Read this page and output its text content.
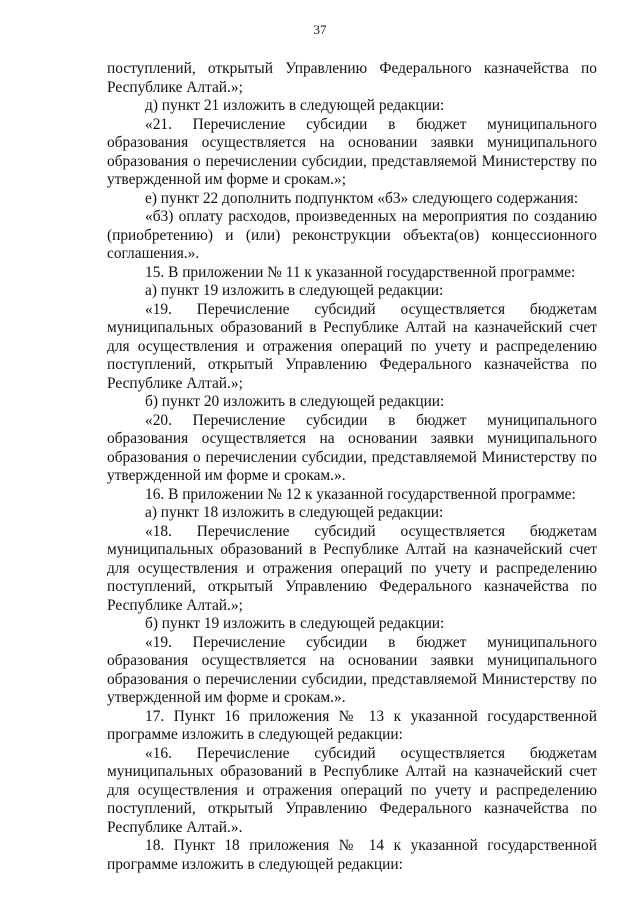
37

поступлений, открытый Управлению Федерального казначейства по Республике Алтай.»;

д) пункт 21 изложить в следующей редакции:

«21. Перечисление субсидии в бюджет муниципального образования осуществляется на основании заявки муниципального образования о перечислении субсидии, представляемой Министерству по утвержденной им форме и срокам.»;

е) пункт 22 дополнить подпунктом «б3» следующего содержания:

«б3) оплату расходов, произведенных на мероприятия по созданию (приобретению) и (или) реконструкции объекта(ов) концессионного соглашения.».

15. В приложении № 11 к указанной государственной программе:

а) пункт 19 изложить в следующей редакции:

«19. Перечисление субсидий осуществляется бюджетам муниципальных образований в Республике Алтай на казначейский счет для осуществления и отражения операций по учету и распределению поступлений, открытый Управлению Федерального казначейства по Республике Алтай.»;

б) пункт 20 изложить в следующей редакции:

«20. Перечисление субсидии в бюджет муниципального образования осуществляется на основании заявки муниципального образования о перечислении субсидии, представляемой Министерству по утвержденной им форме и срокам.».

16. В приложении № 12 к указанной государственной программе:

а) пункт 18 изложить в следующей редакции:

«18. Перечисление субсидий осуществляется бюджетам муниципальных образований в Республике Алтай на казначейский счет для осуществления и отражения операций по учету и распределению поступлений, открытый Управлению Федерального казначейства по Республике Алтай.»;

б) пункт 19 изложить в следующей редакции:

«19. Перечисление субсидии в бюджет муниципального образования осуществляется на основании заявки муниципального образования о перечислении субсидии, представляемой Министерству по утвержденной им форме и срокам.».

17. Пункт 16 приложения № 13 к указанной государственной программе изложить в следующей редакции:

«16. Перечисление субсидий осуществляется бюджетам муниципальных образований в Республике Алтай на казначейский счет для осуществления и отражения операций по учету и распределению поступлений, открытый Управлению Федерального казначейства по Республике Алтай.».

18. Пункт 18 приложения № 14 к указанной государственной программе изложить в следующей редакции:
